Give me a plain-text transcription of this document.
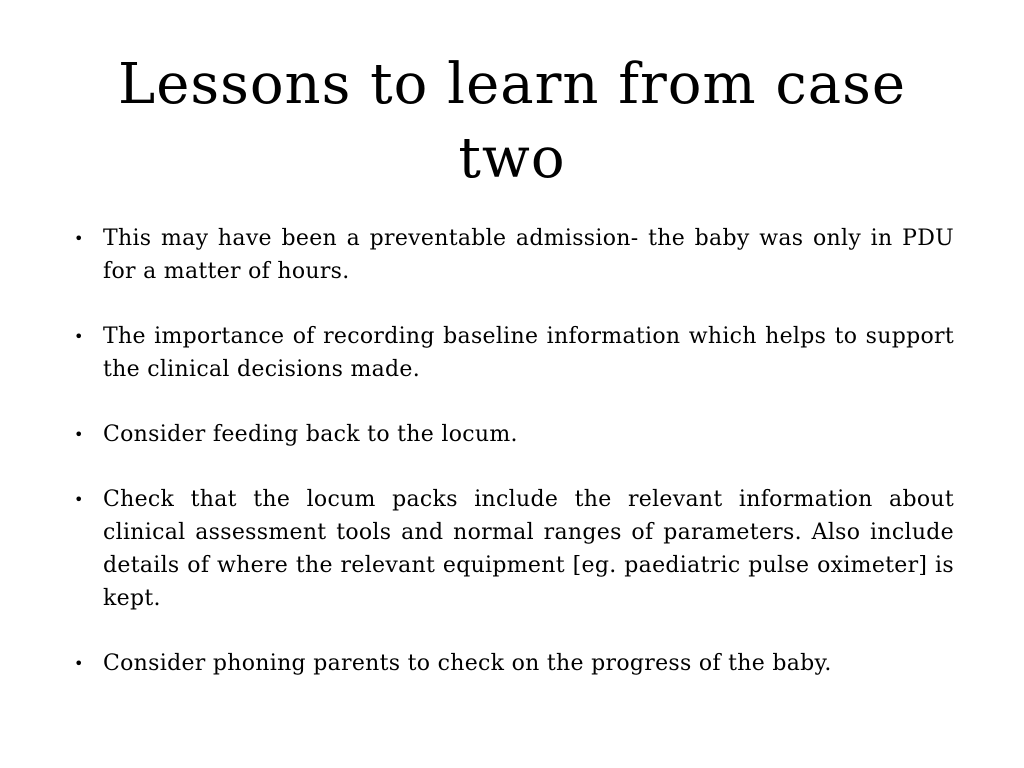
Lessons to learn from case two
• This may have been a preventable admission- the baby was only in PDU for a matter of hours.
• The importance of recording baseline information which helps to support the clinical decisions made.
• Consider feeding back to the locum.
• Check that the locum packs include the relevant information about clinical assessment tools and normal ranges of parameters. Also include details of where the relevant equipment [eg. paediatric pulse oximeter] is kept.
• Consider phoning parents to check on the progress of the baby.
